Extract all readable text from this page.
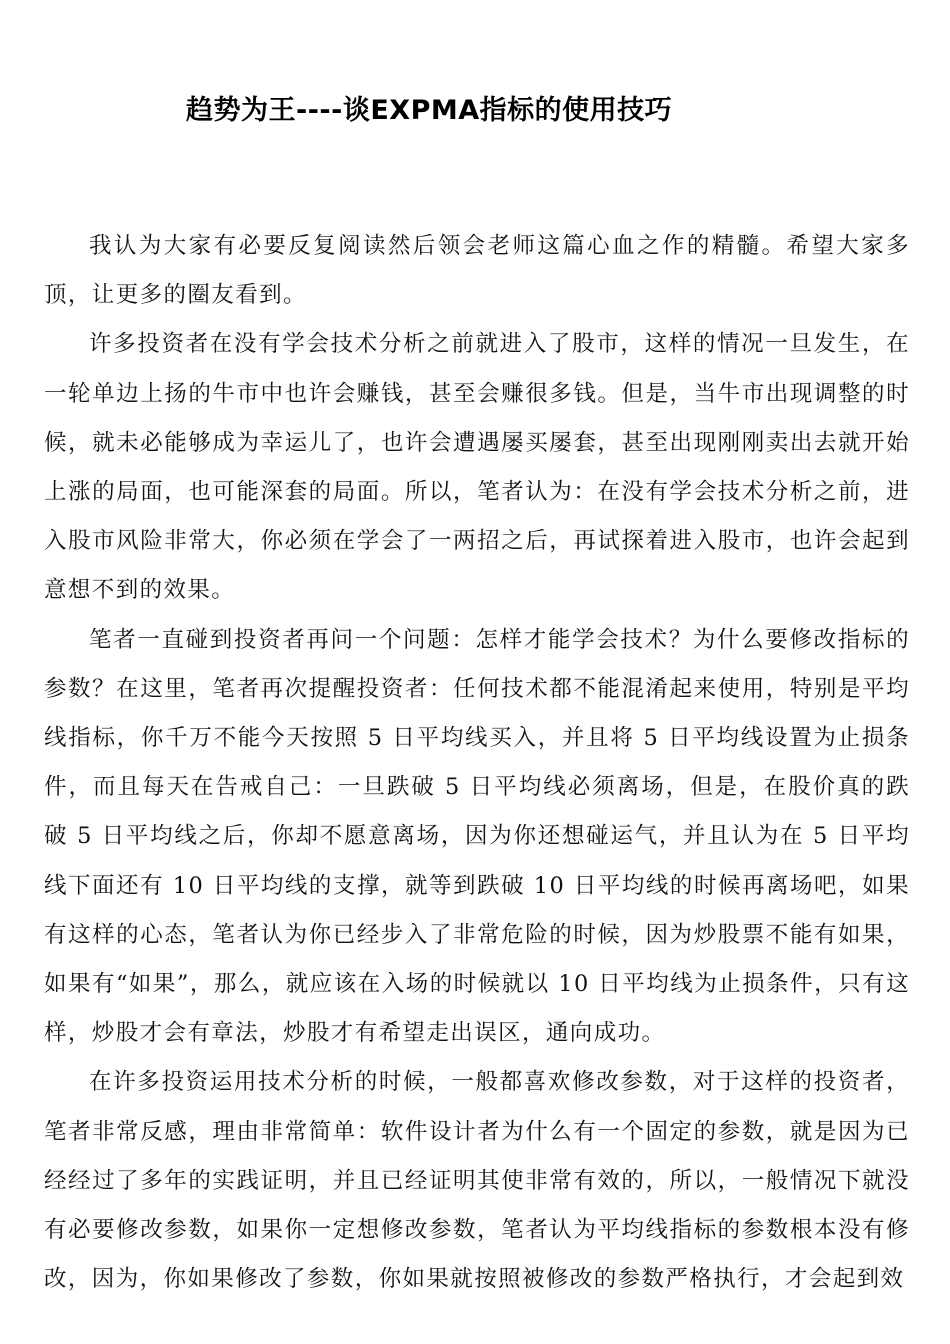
趋势为王----谈EXPMA指标的使用技巧

我认为大家有必要反复阅读然后领会老师这篇心血之作的精髓。希望大家多顶，让更多的圈友看到。

许多投资者在没有学会技术分析之前就进入了股市，这样的情况一旦发生，在一轮单边上扬的牛市中也许会赚钱，甚至会赚很多钱。但是，当牛市出现调整的时候，就未必能够成为幸运儿了，也许会遭遇屡买屡套，甚至出现刚刚卖出去就开始上涨的局面，也可能深套的局面。所以，笔者认为：在没有学会技术分析之前，进入股市风险非常大，你必须在学会了一两招之后，再试探着进入股市，也许会起到意想不到的效果。

笔者一直碰到投资者再问一个问题：怎样才能学会技术？为什么要修改指标的参数？在这里，笔者再次提醒投资者：任何技术都不能混淆起来使用，特别是平均线指标，你千万不能今天按照 5 日平均线买入，并且将 5 日平均线设置为止损条件，而且每天在告戒自己：一旦跌破 5 日平均线必须离场，但是，在股价真的跌破 5 日平均线之后，你却不愿意离场，因为你还想碰运气，并且认为在 5 日平均线下面还有 10 日平均线的支撑，就等到跌破 10 日平均线的时候再离场吧，如果有这样的心态，笔者认为你已经步入了非常危险的时候，因为炒股票不能有如果，如果有“如果”，那么，就应该在入场的时候就以 10 日平均线为止损条件，只有这样，炒股才会有章法，炒股才有希望走出误区，通向成功。

在许多投资运用技术分析的时候，一般都喜欢修改参数，对于这样的投资者，笔者非常反感，理由非常简单：软件设计者为什么有一个固定的参数，就是因为已经经过了多年的实践证明，并且已经证明其使非常有效的，所以，一般情况下就没有必要修改参数，如果你一定想修改参数，笔者认为平均线指标的参数根本没有修改，因为，你如果修改了参数，你如果就按照被修改的参数严格执行，才会起到效
